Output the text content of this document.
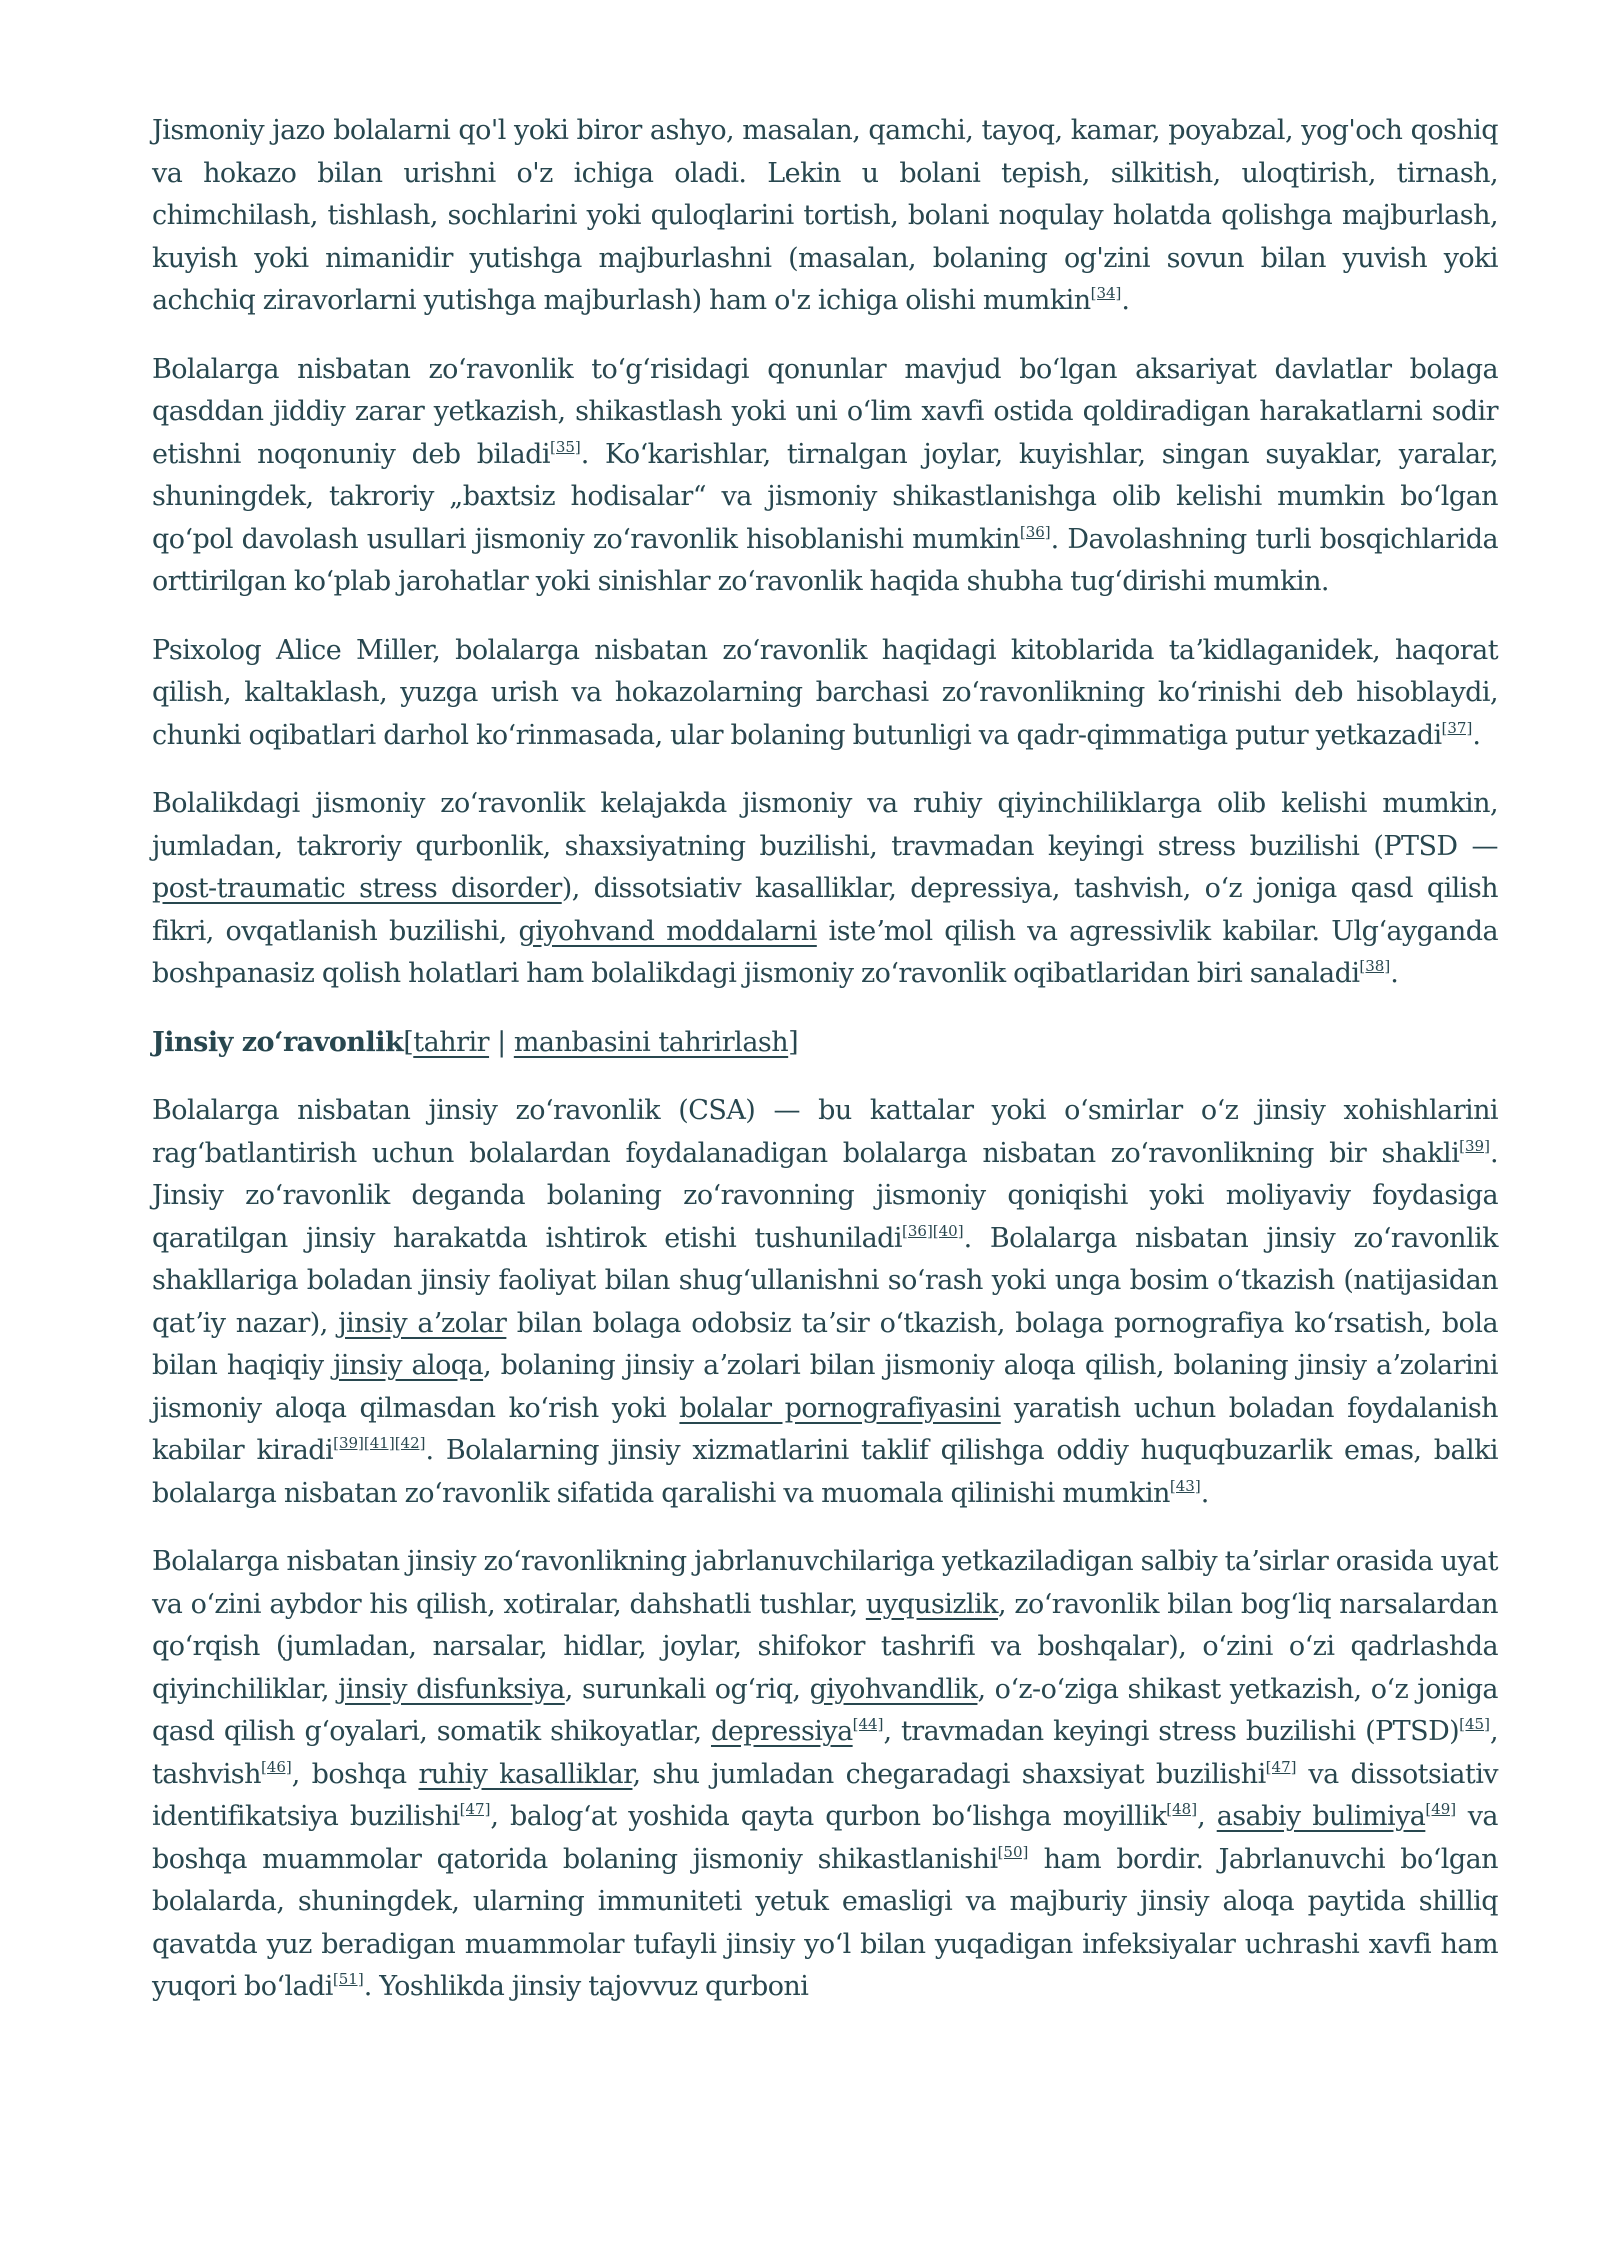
Jismoniy jazo bolalarni qo'l yoki biror ashyo, masalan, qamchi, tayoq, kamar, poyabzal, yog'och qoshiq va hokazo bilan urishni o'z ichiga oladi. Lekin u bolani tepish, silkitish, uloqtirish, tirnash, chimchilash, tishlash, sochlarini yoki quloqlarini tortish, bolani noqulay holatda qolishga majburlash, kuyish yoki nimanidir yutishga majburlashni (masalan, bolaning og'zini sovun bilan yuvish yoki achchiq ziravorlarni yutishga majburlash) ham o'z ichiga olishi mumkin[34].

Bolalarga nisbatan zoʻravonlik toʻgʻrisidagi qonunlar mavjud boʻlgan aksariyat davlatlar bolaga qasddan jiddiy zarar yetkazish, shikastlash yoki uni oʻlim xavfi ostida qoldiradigan harakatlarni sodir etishni noqonuniy deb biladi[35]. Koʻkarishlar, tirnalgan joylar, kuyishlar, singan suyaklar, yaralar, shuningdek, takroriy „baxtsiz hodisalar“ va jismoniy shikastlanishga olib kelishi mumkin boʻlgan qoʻpol davolash usullari jismoniy zoʻravonlik hisoblanishi mumkin[36]. Davolashning turli bosqichlarida orttirilgan koʻplab jarohatlar yoki sinishlar zoʻravonlik haqida shubha tugʻdirishi mumkin.

Psixolog Alice Miller, bolalarga nisbatan zoʻravonlik haqidagi kitoblarida taʼkidlaganidek, haqorat qilish, kaltaklash, yuzga urish va hokazolarning barchasi zoʻravonlikning koʻrinishi deb hisoblaydi, chunki oqibatlari darhol koʻrinmasada, ular bolaning butunligi va qadr-qimmatiga putur yetkazadi[37].

Bolalikdagi jismoniy zoʻravonlik kelajakda jismoniy va ruhiy qiyinchiliklarga olib kelishi mumkin, jumladan, takroriy qurbonlik, shaxsiyatning buzilishi, travmadan keyingi stress buzilishi (PTSD — post-traumatic stress disorder), dissotsiativ kasalliklar, depressiya, tashvish, oʻz joniga qasd qilish fikri, ovqatlanish buzilishi, giyohvand moddalarni isteʼmol qilish va agressivlik kabilar. Ulgʻayganda boshpanasiz qolish holatlari ham bolalikdagi jismoniy zoʻravonlik oqibatlaridan biri sanaladi[38].

Jinsiy zoʻravonlik[tahrir | manbasini tahrirlash]

Bolalarga nisbatan jinsiy zoʻravonlik (CSA) — bu kattalar yoki oʻsmirlar oʻz jinsiy xohishlarini ragʻbatlantirish uchun bolalardan foydalanadigan bolalarga nisbatan zoʻravonlikning bir shakli[39]. Jinsiy zoʻravonlik deganda bolaning zoʻravonning jismoniy qoniqishi yoki moliyaviy foydasiga qaratilgan jinsiy harakatda ishtirok etishi tushuniladi[36][40]. Bolalarga nisbatan jinsiy zoʻravonlik shakllariga boladan jinsiy faoliyat bilan shugʻullanishni soʻrash yoki unga bosim oʻtkazish (natijasidan qatʼiy nazar), jinsiy aʼzolar bilan bolaga odobsiz taʼsir oʻtkazish, bolaga pornografiya koʻrsatish, bola bilan haqiqiy jinsiy aloqa, bolaning jinsiy aʼzolari bilan jismoniy aloqa qilish, bolaning jinsiy aʼzolarini jismoniy aloqa qilmasdan koʻrish yoki bolalar pornografiyasini yaratish uchun boladan foydalanish kabilar kiradi[39][41][42]. Bolalarning jinsiy xizmatlarini taklif qilishga oddiy huquqbuzarlik emas, balki bolalarga nisbatan zoʻravonlik sifatida qaralishi va muomala qilinishi mumkin[43].

Bolalarga nisbatan jinsiy zoʻravonlikning jabrlanuvchilariga yetkaziladigan salbiy taʼsirlar orasida uyat va oʻzini aybdor his qilish, xotiralar, dahshatli tushlar, uyqusizlik, zoʻravonlik bilan bogʻliq narsalardan qoʻrqish (jumladan, narsalar, hidlar, joylar, shifokor tashrifi va boshqalar), oʻzini oʻzi qadrlashda qiyinchiliklar, jinsiy disfunksiya, surunkali ogʻriq, giyohvandlik, oʻz-oʻziga shikast yetkazish, oʻz joniga qasd qilish gʻoyalari, somatik shikoyatlar, depressiya[44], travmadan keyingi stress buzilishi (PTSD)[45], tashvish[46], boshqa ruhiy kasalliklar, shu jumladan chegaradagi shaxsiyat buzilishi[47] va dissotsiativ identifikatsiya buzilishi[47], balogʻat yoshida qayta qurbon boʻlishga moyillik[48], asabiy bulimiya[49] va boshqa muammolar qatorida bolaning jismoniy shikastlanishi[50] ham bordir. Jabrlanuvchi boʻlgan bolalarda, shuningdek, ularning immuniteti yetuk emasligi va majburiy jinsiy aloqa paytida shilliq qavatda yuz beradigan muammolar tufayli jinsiy yoʻl bilan yuqadigan infeksiyalar uchrashi xavfi ham yuqori boʻladi[51]. Yoshlikda jinsiy tajovvuz qurboni
